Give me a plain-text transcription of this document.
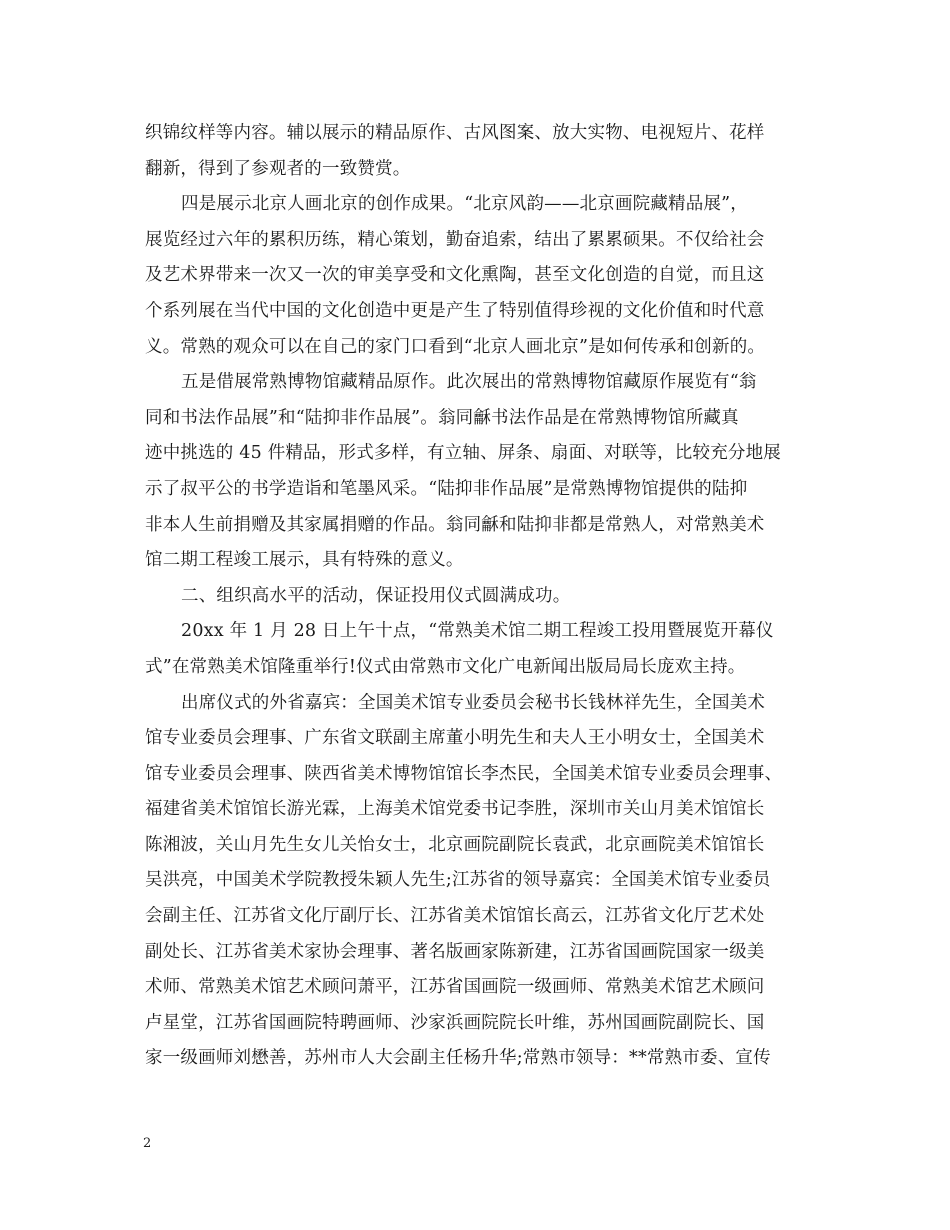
织锦纹样等内容。辅以展示的精品原作、古风图案、放大实物、电视短片、花样
翻新，得到了参观者的一致赞赏。
四是展示北京人画北京的创作成果。“北京风韵——北京画院藏精品展”，
展览经过六年的累积历练，精心策划，勤奋追索，结出了累累硕果。不仅给社会
及艺术界带来一次又一次的审美享受和文化熏陶，甚至文化创造的自觉，而且这
个系列展在当代中国的文化创造中更是产生了特别值得珍视的文化价值和时代意
义。常熟的观众可以在自己的家门口看到“北京人画北京”是如何传承和创新的。
五是借展常熟博物馆藏精品原作。此次展出的常熟博物馆藏原作展览有“翁
同和书法作品展”和“陆抑非作品展”。翁同龢书法作品是在常熟博物馆所藏真
迹中挑选的 45 件精品，形式多样，有立轴、屏条、扇面、对联等，比较充分地展
示了叔平公的书学造诣和笔墨风采。“陆抑非作品展”是常熟博物馆提供的陆抑
非本人生前捐赠及其家属捐赠的作品。翁同龢和陆抑非都是常熟人，对常熟美术
馆二期工程竣工展示，具有特殊的意义。
二、组织高水平的活动，保证投用仪式圆满成功。
20xx 年 1 月 28 日上午十点，“常熟美术馆二期工程竣工投用暨展览开幕仪
式”在常熟美术馆隆重举行!仪式由常熟市文化广电新闻出版局局长庞欢主持。
出席仪式的外省嘉宾：全国美术馆专业委员会秘书长钱林祥先生，全国美术
馆专业委员会理事、广东省文联副主席董小明先生和夫人王小明女士，全国美术
馆专业委员会理事、陕西省美术博物馆馆长李杰民，全国美术馆专业委员会理事、
福建省美术馆馆长游光霖，上海美术馆党委书记李胜，深圳市关山月美术馆馆长
陈湘波，关山月先生女儿关怡女士，北京画院副院长袁武，北京画院美术馆馆长
吴洪亮，中国美术学院教授朱颖人先生;江苏省的领导嘉宾：全国美术馆专业委员
会副主任、江苏省文化厅副厅长、江苏省美术馆馆长高云，江苏省文化厅艺术处
副处长、江苏省美术家协会理事、著名版画家陈新建，江苏省国画院国家一级美
术师、常熟美术馆艺术顾问萧平，江苏省国画院一级画师、常熟美术馆艺术顾问
卢星堂，江苏省国画院特聘画师、沙家浜画院院长叶维，苏州国画院副院长、国
家一级画师刘懋善，苏州市人大会副主任杨升华;常熟市领导：**常熟市委、宣传
2
